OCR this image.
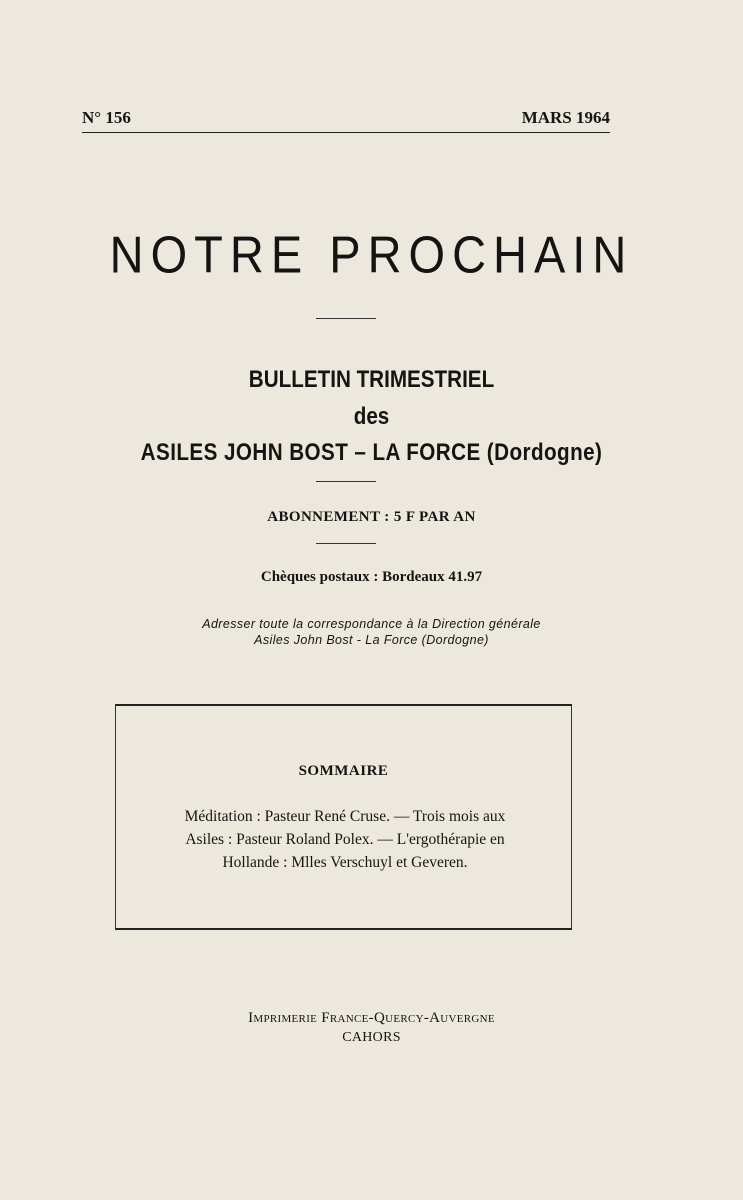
N° 156	MARS 1964
NOTRE PROCHAIN
BULLETIN TRIMESTRIEL
des
ASILES JOHN BOST – LA FORCE (Dordogne)
ABONNEMENT : 5 F PAR AN
Chèques postaux : Bordeaux 41.97
Adresser toute la correspondance à la Direction générale
Asiles John Bost - La Force (Dordogne)
SOMMAIRE
Méditation : Pasteur René Cruse. — Trois mois aux
Asiles : Pasteur Roland Polex. — L'ergothérapie en
Hollande : Mlles Verschuyl et Geveren.
Imprimerie France-Quercy-Auvergne
CAHORS
